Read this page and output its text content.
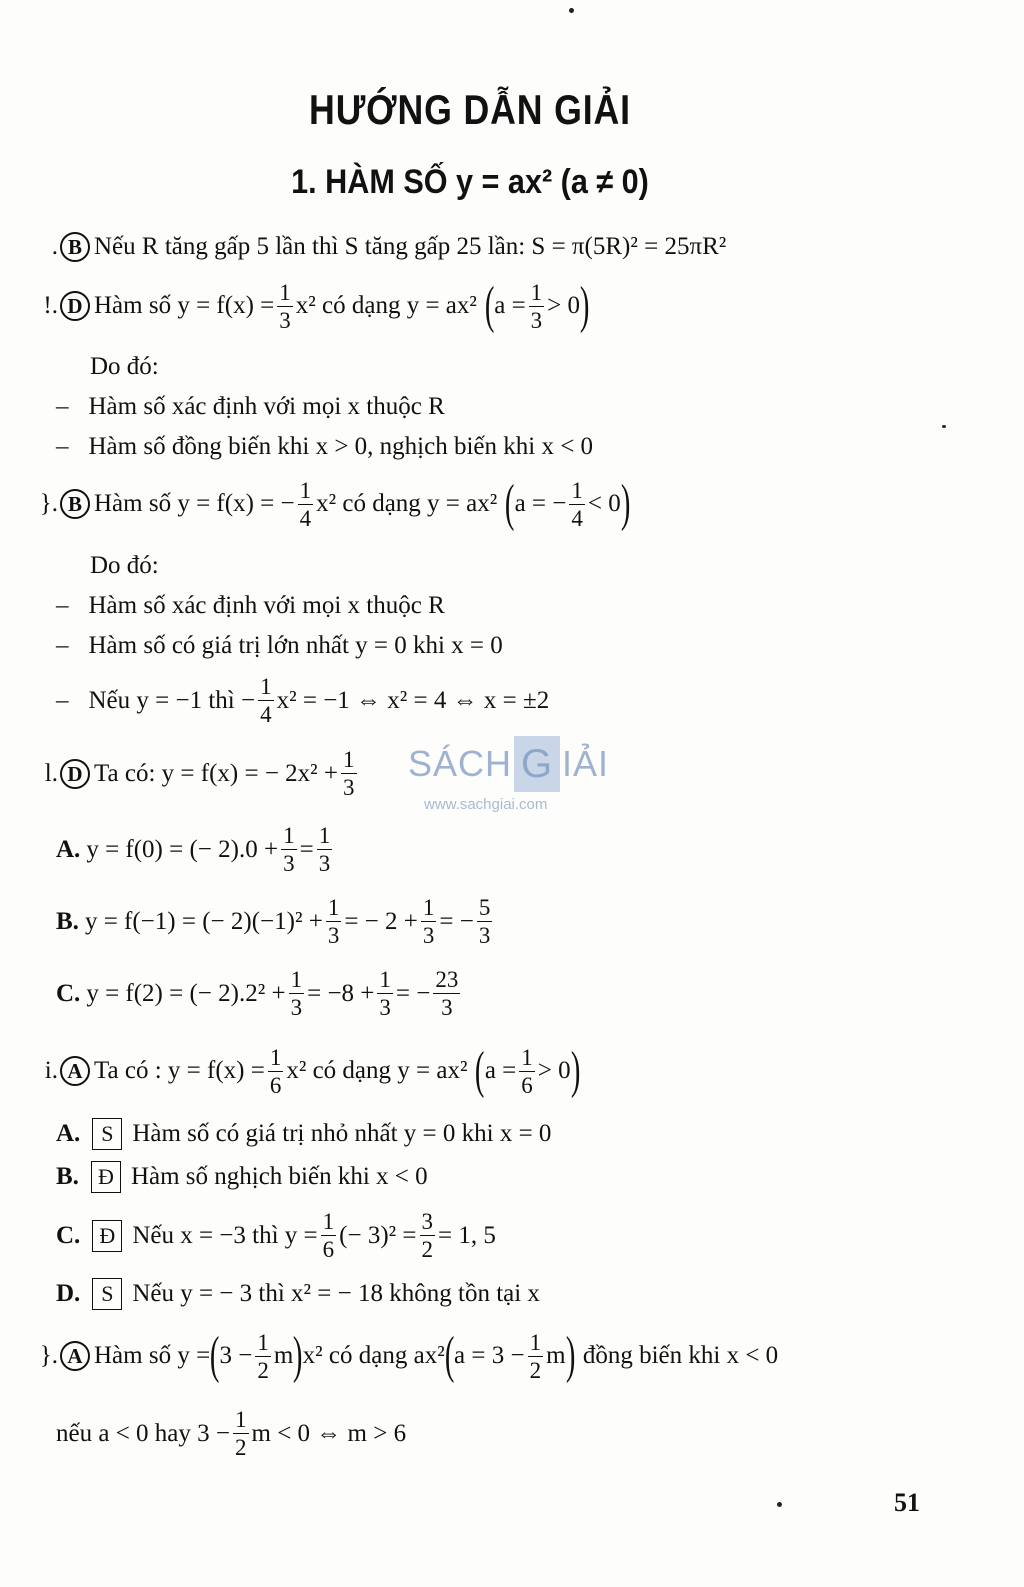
HƯỚNG DẪN GIẢI
1. HÀM SỐ y = ax² (a ≠ 0)
. B Nếu R tăng gấp 5 lần thì S tăng gấp 25 lần: S = π(5R)² = 25πR²
!. D Hàm số $y = f(x) = \frac{1}{3} x^2$ có dạng y = ax² ( $a = \frac{1}{3} > 0$ )
Do đó:
– Hàm số xác định với mọi x thuộc R
– Hàm số đồng biến khi x > 0, nghịch biến khi x < 0
}. B Hàm số y = f(x) = − $\frac{1}{4} x^2$ có dạng y = ax² ( a = − $\frac{1}{4} < 0$ )
Do đó:
– Hàm số xác định với mọi x thuộc R
– Hàm số có giá trị lớn nhất y = 0 khi x = 0
– Nếu y = −1 thì − $\frac{1}{4} x^2 = -1$ ⇔ x² = 4 ⇔ x = ±2
SÁCH G IẢI
www.sachgiai.com
l. D Ta có: y = f(x) = − $2x^2 + \frac{1}{3}$
A. y = f(0) = (− $2).0 + \frac{1}{3} = \frac{1}{3}$
B. y = f(−1) = (− $2)(-1)^2 + \frac{1}{3}$ = − $2 + \frac{1}{3}$ = − $\frac{5}{3}$
C. y = f(2) = (− $2).2^2 + \frac{1}{3} = -8 + \frac{1}{3}$ = − $\frac{23}{3}$
i. A Ta có : $y = f(x) = \frac{1}{6} x^2$ có dạng y = ax² ( $a = \frac{1}{6} > 0$ )
A. S Hàm số có giá trị nhỏ nhất y = 0 khi x = 0
B. Đ Hàm số nghịch biến khi x < 0
C. Đ Nếu x = −3 thì $y = \frac{1}{6}$ (− $3)^2 = \frac{3}{2} = 1$, 5
D. S Nếu y = − 3 thì x² = − 18 không tồn tại x
}. A Hàm số y = ( $3 - \frac{1}{2}$ m ) x² có dạng ax² ( $a = 3 - \frac{1}{2}$ m ) đồng biến khi x < 0
nếu a < 0 hay $3 - \frac{1}{2}$ m < 0 ⇔ m > 6
51
